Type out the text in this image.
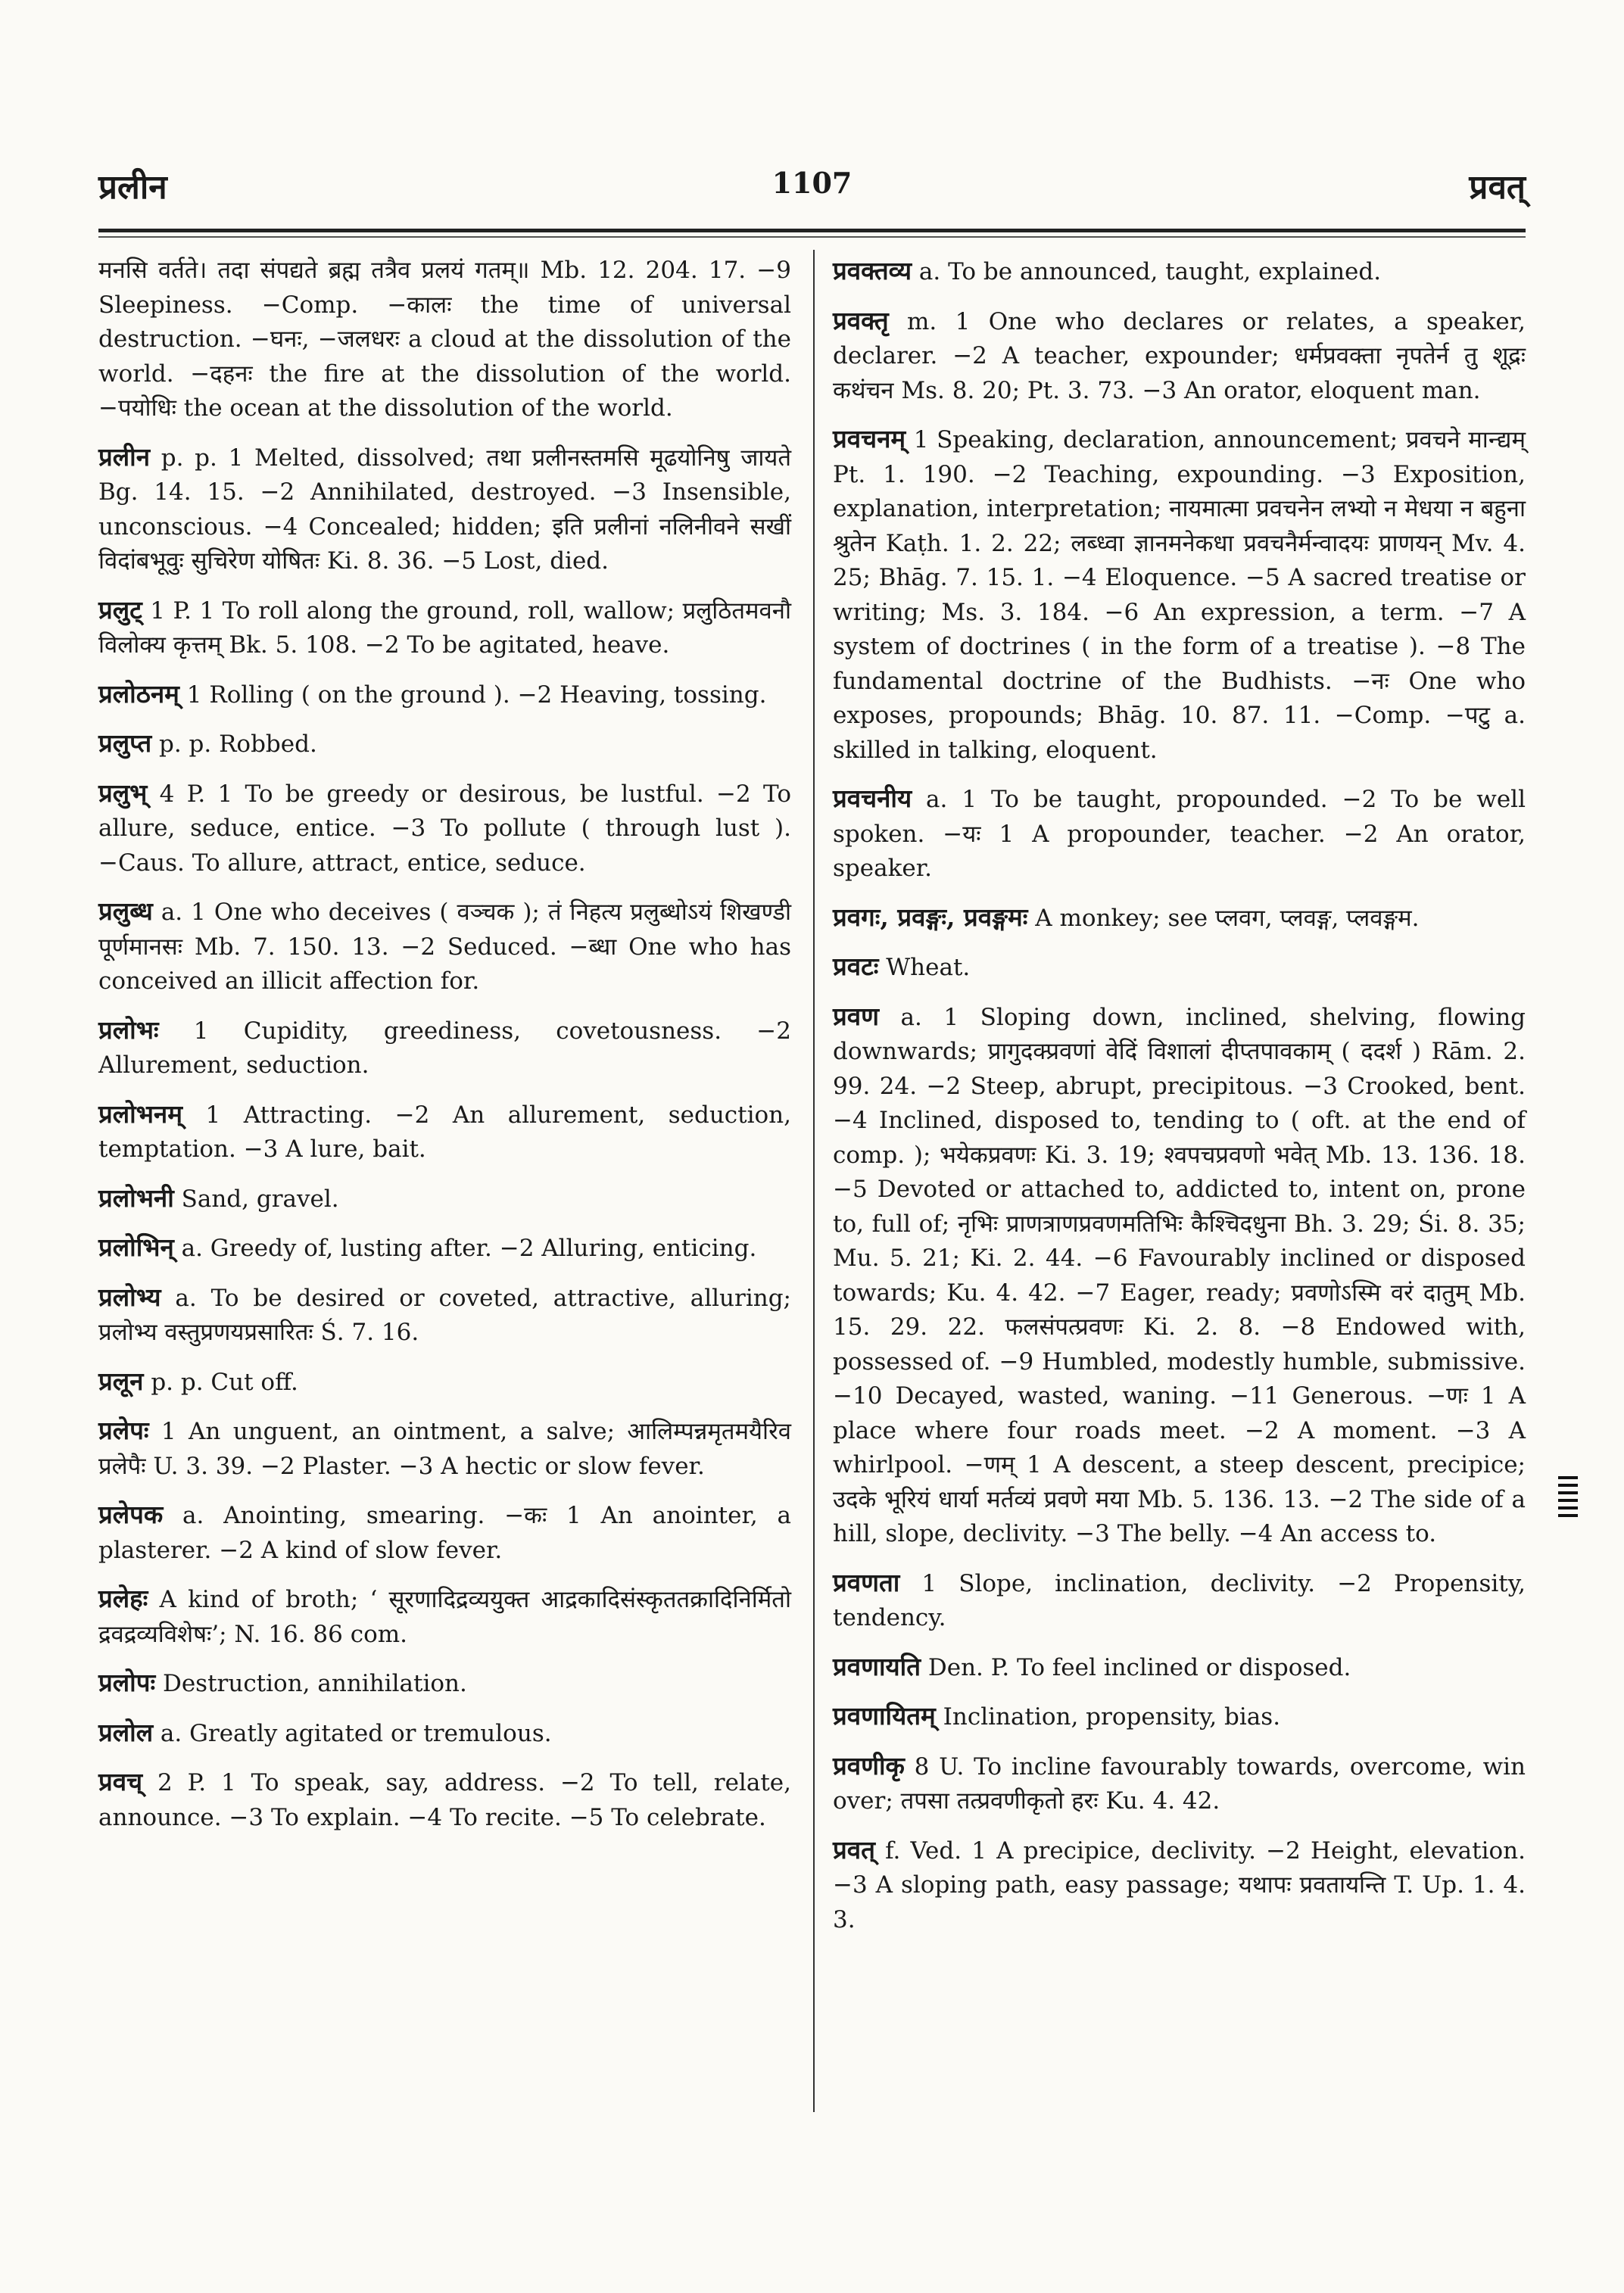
प्रलीन	1107	प्रवत्
मनसि वर्तते। तदा संपद्यते ब्रह्म तत्रैव प्रलयं गतम्॥ Mb. 12. 204. 17. −9 Sleepiness. −Comp. −कालः the time of universal destruction. −घनः, −जलधरः a cloud at the dissolution of the world. −दहनः the fire at the dissolution of the world. −पयोधिः the ocean at the dissolution of the world.
प्रलीन p. p. 1 Melted, dissolved; तथा प्रलीनस्तमसि मूढयोनिषु जायते Bg. 14. 15. −2 Annihilated, destroyed. −3 Insensible, unconscious. −4 Concealed; hidden; इति प्रलीनां नलिनीवने सखीं विदांबभूवुः सुचिरेण योषितः Ki. 8. 36. −5 Lost, died.
प्रलुट् 1 P. 1 To roll along the ground, roll, wallow; प्रलुठितमवनौ विलोक्य कृत्तम् Bk. 5. 108. −2 To be agitated, heave.
प्रलोठनम् 1 Rolling ( on the ground ). −2 Heaving, tossing.
प्रलुप्त p. p. Robbed.
प्रलुभ् 4 P. 1 To be greedy or desirous, be lustful. −2 To allure, seduce, entice. −3 To pollute ( through lust ). −Caus. To allure, attract, entice, seduce.
प्रलुब्ध a. 1 One who deceives ( वञ्चक ); तं निहत्य प्रलुब्धोऽयं शिखण्डी पूर्णमानसः Mb. 7. 150. 13. −2 Seduced. −ब्धा One who has conceived an illicit affection for.
प्रलोभः 1 Cupidity, greediness, covetousness. −2 Allurement, seduction.
प्रलोभनम् 1 Attracting. −2 An allurement, seduction, temptation. −3 A lure, bait.
प्रलोभनी Sand, gravel.
प्रलोभिन् a. Greedy of, lusting after. −2 Alluring, enticing.
प्रलोभ्य a. To be desired or coveted, attractive, alluring; प्रलोभ्य वस्तुप्रणयप्रसारितः Ś. 7. 16.
प्रलून p. p. Cut off.
प्रलेपः 1 An unguent, an ointment, a salve; आलिम्पन्नमृतमयैरिव प्रलेपैः U. 3. 39. −2 Plaster. −3 A hectic or slow fever.
प्रलेपक a. Anointing, smearing. −कः 1 An anointer, a plasterer. −2 A kind of slow fever.
प्रलेहः A kind of broth; ‘ सूरणादिद्रव्ययुक्त आद्रकादिसंस्कृततक्रादिनिर्मितो द्रवद्रव्यविशेषः’; N. 16. 86 com.
प्रलोपः Destruction, annihilation.
प्रलोल a. Greatly agitated or tremulous.
प्रवच् 2 P. 1 To speak, say, address. −2 To tell, relate, announce. −3 To explain. −4 To recite. −5 To celebrate.
प्रवक्तव्य a. To be announced, taught, explained.
प्रवक्तृ m. 1 One who declares or relates, a speaker, declarer. −2 A teacher, expounder; धर्मप्रवक्ता नृपतेर्न तु शूद्रः कथंचन Ms. 8. 20; Pt. 3. 73. −3 An orator, eloquent man.
प्रवचनम् 1 Speaking, declaration, announcement; प्रवचने मान्द्यम् Pt. 1. 190. −2 Teaching, expounding. −3 Exposition, explanation, interpretation; नायमात्मा प्रवचनेन लभ्यो न मेधया न बहुना श्रुतेन Kaṭh. 1. 2. 22; लब्ध्वा ज्ञानमनेकधा प्रवचनैर्मन्वादयः प्राणयन् Mv. 4. 25; Bhāg. 7. 15. 1. −4 Eloquence. −5 A sacred treatise or writing; Ms. 3. 184. −6 An expression, a term. −7 A system of doctrines ( in the form of a treatise ). −8 The fundamental doctrine of the Budhists. −नः One who exposes, propounds; Bhāg. 10. 87. 11. −Comp. −पटु a. skilled in talking, eloquent.
प्रवचनीय a. 1 To be taught, propounded. −2 To be well spoken. −यः 1 A propounder, teacher. −2 An orator, speaker.
प्रवगः, प्रवङ्गः, प्रवङ्गमः A monkey; see प्लवग, प्लवङ्ग, प्लवङ्गम.
प्रवटः Wheat.
प्रवण a. 1 Sloping down, inclined, shelving, flowing downwards; प्रागुदक्प्रवणां वेदिं विशालां दीप्तपावकाम् ( ददर्श ) Rām. 2. 99. 24. −2 Steep, abrupt, precipitous. −3 Crooked, bent. −4 Inclined, disposed to, tending to ( oft. at the end of comp. ); भयेकप्रवणः Ki. 3. 19; श्वपचप्रवणो भवेत् Mb. 13. 136. 18. −5 Devoted or attached to, addicted to, intent on, prone to, full of; नृभिः प्राणत्राणप्रवणमतिभिः कैश्चिदधुना Bh. 3. 29; Śi. 8. 35; Mu. 5. 21; Ki. 2. 44. −6 Favourably inclined or disposed towards; Ku. 4. 42. −7 Eager, ready; प्रवणोऽस्मि वरं दातुम् Mb. 15. 29. 22. फलसंपत्प्रवणः Ki. 2. 8. −8 Endowed with, possessed of. −9 Humbled, modestly humble, submissive. −10 Decayed, wasted, waning. −11 Generous. −णः 1 A place where four roads meet. −2 A moment. −3 A whirlpool. −णम् 1 A descent, a steep descent, precipice; उदके भूरियं धार्या मर्तव्यं प्रवणे मया Mb. 5. 136. 13. −2 The side of a hill, slope, declivity. −3 The belly. −4 An access to.
प्रवणता 1 Slope, inclination, declivity. −2 Propensity, tendency.
प्रवणायति Den. P. To feel inclined or disposed.
प्रवणायितम् Inclination, propensity, bias.
प्रवणीकृ 8 U. To incline favourably towards, overcome, win over; तपसा तत्प्रवणीकृतो हरः Ku. 4. 42.
प्रवत् f. Ved. 1 A precipice, declivity. −2 Height, elevation. −3 A sloping path, easy passage; यथापः प्रवतायन्ति T. Up. 1. 4. 3.
